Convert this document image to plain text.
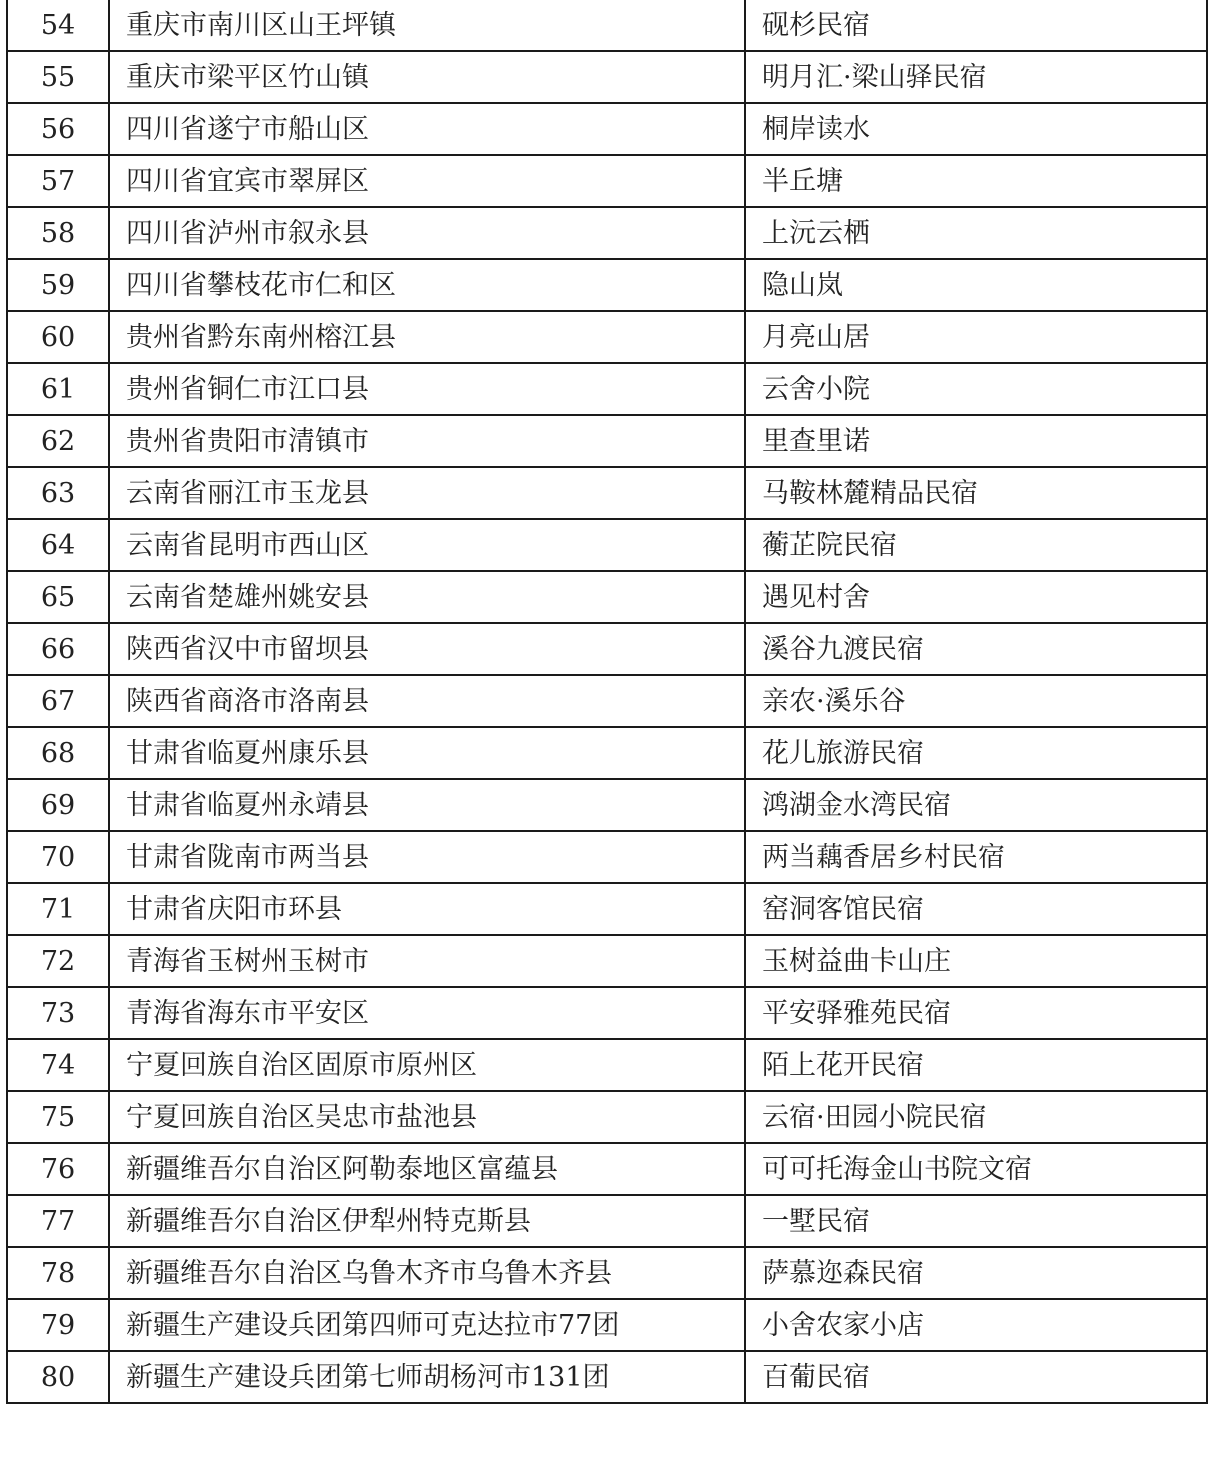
54	重庆市南川区山王坪镇	砚杉民宿
55	重庆市梁平区竹山镇	明月汇·梁山驿民宿
56	四川省遂宁市船山区	桐岸读水
57	四川省宜宾市翠屏区	半丘塘
58	四川省泸州市叙永县	上沅云栖
59	四川省攀枝花市仁和区	隐山岚
60	贵州省黔东南州榕江县	月亮山居
61	贵州省铜仁市江口县	云舍小院
62	贵州省贵阳市清镇市	里查里诺
63	云南省丽江市玉龙县	马鞍林麓精品民宿
64	云南省昆明市西山区	蘅芷院民宿
65	云南省楚雄州姚安县	遇见村舍
66	陕西省汉中市留坝县	溪谷九渡民宿
67	陕西省商洛市洛南县	亲农·溪乐谷
68	甘肃省临夏州康乐县	花儿旅游民宿
69	甘肃省临夏州永靖县	鸿湖金水湾民宿
70	甘肃省陇南市两当县	两当藕香居乡村民宿
71	甘肃省庆阳市环县	窑洞客馆民宿
72	青海省玉树州玉树市	玉树益曲卡山庄
73	青海省海东市平安区	平安驿雅苑民宿
74	宁夏回族自治区固原市原州区	陌上花开民宿
75	宁夏回族自治区吴忠市盐池县	云宿·田园小院民宿
76	新疆维吾尔自治区阿勒泰地区富蕴县	可可托海金山书院文宿
77	新疆维吾尔自治区伊犁州特克斯县	一墅民宿
78	新疆维吾尔自治区乌鲁木齐市乌鲁木齐县	萨慕迩森民宿
79	新疆生产建设兵团第四师可克达拉市77团	小舍农家小店
80	新疆生产建设兵团第七师胡杨河市131团	百葡民宿
